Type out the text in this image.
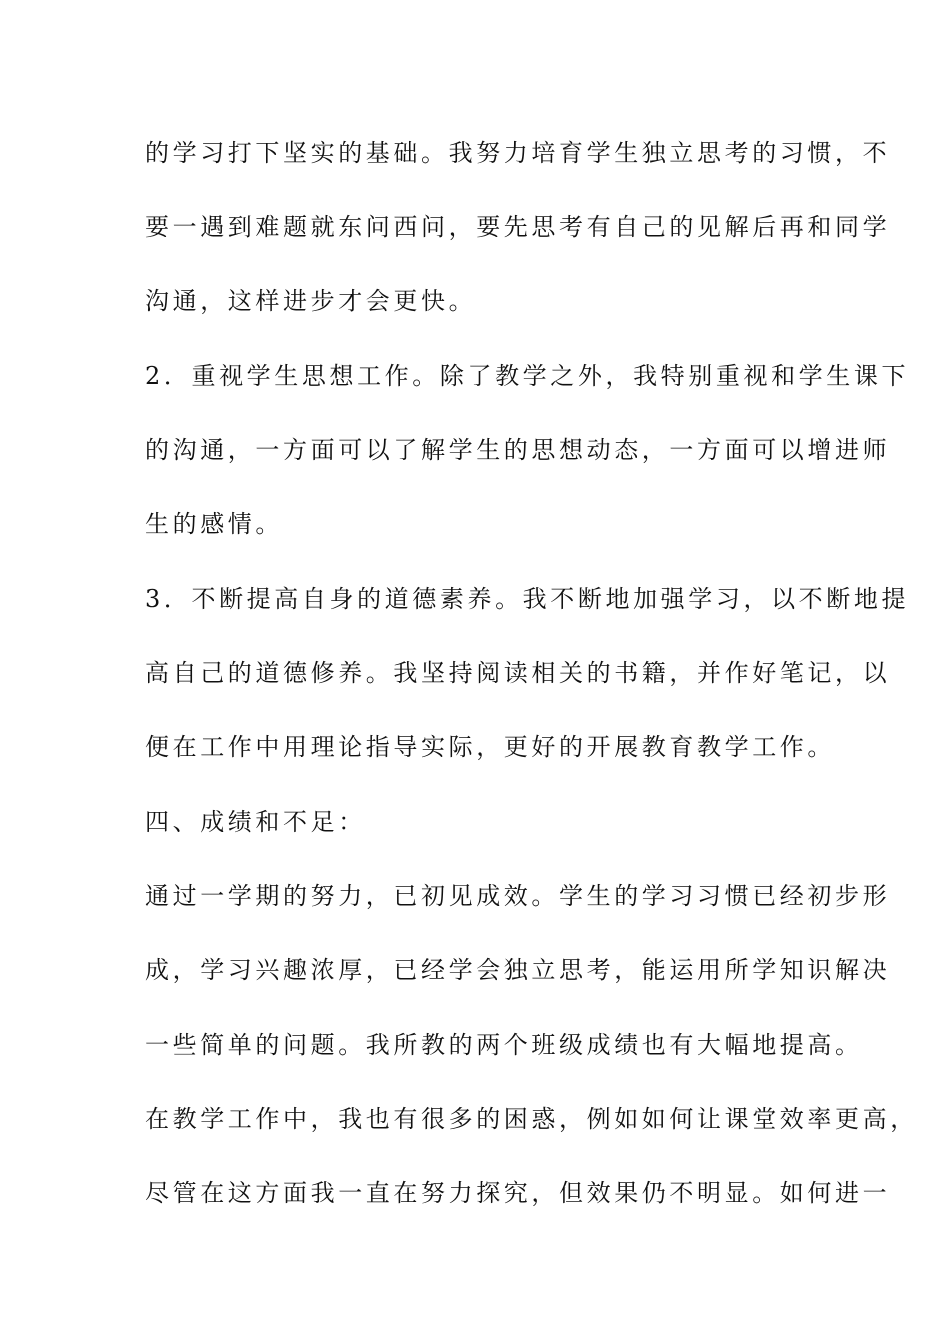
的学习打下坚实的基础。我努力培育学生独立思考的习惯，不
要一遇到难题就东问西问，要先思考有自己的见解后再和同学
沟通，这样进步才会更快。
2．重视学生思想工作。除了教学之外，我特别重视和学生课下
的沟通，一方面可以了解学生的思想动态，一方面可以增进师
生的感情。
3．不断提高自身的道德素养。我不断地加强学习，以不断地提
高自己的道德修养。我坚持阅读相关的书籍，并作好笔记，以
便在工作中用理论指导实际，更好的开展教育教学工作。
四、成绩和不足：
通过一学期的努力，已初见成效。学生的学习习惯已经初步形
成，学习兴趣浓厚，已经学会独立思考，能运用所学知识解决
一些简单的问题。我所教的两个班级成绩也有大幅地提高。
在教学工作中，我也有很多的困惑，例如如何让课堂效率更高，
尽管在这方面我一直在努力探究，但效果仍不明显。如何进一
